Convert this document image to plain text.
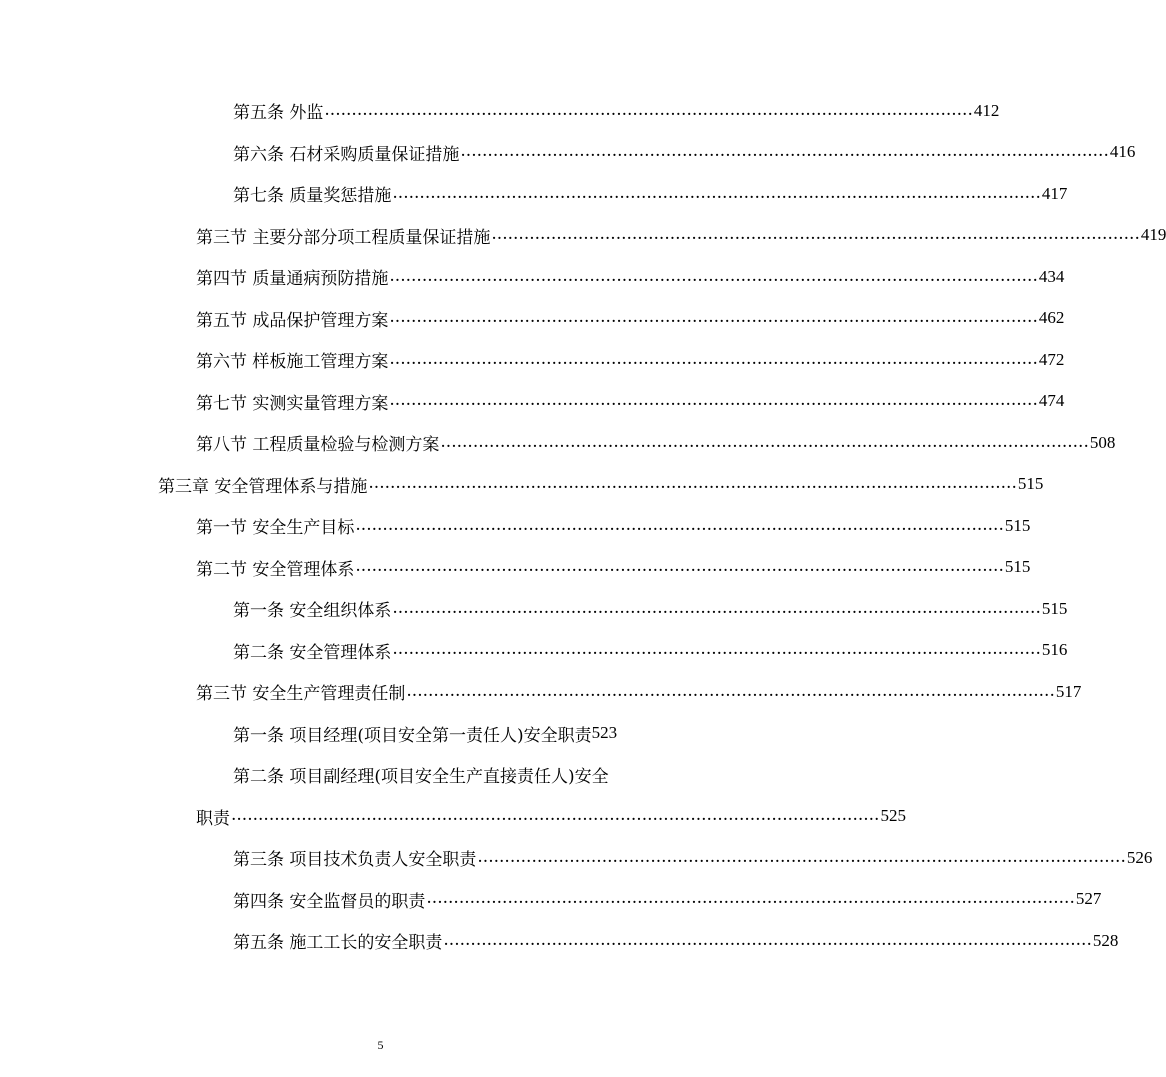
第五条 外监 ........................................................................................................................ 412
第六条 石材采购质量保证措施 ........................................................................................................................ 416
第七条 质量奖惩措施 ........................................................................................................................ 417
第三节 主要分部分项工程质量保证措施 ........................................................................................................................ 419
第四节 质量通病预防措施 ........................................................................................................................ 434
第五节 成品保护管理方案 ........................................................................................................................ 462
第六节 样板施工管理方案 ........................................................................................................................ 472
第七节 实测实量管理方案 ........................................................................................................................ 474
第八节 工程质量检验与检测方案 ........................................................................................................................ 508
第三章 安全管理体系与措施 ........................................................................................................................ 515
第一节 安全生产目标 ........................................................................................................................ 515
第二节 安全管理体系 ........................................................................................................................ 515
第一条 安全组织体系 ........................................................................................................................ 515
第二条 安全管理体系 ........................................................................................................................ 516
第三节 安全生产管理责任制 ........................................................................................................................ 517
第一条 项目经理(项目安全第一责任人)安全职责 523
第二条 项目副经理(项目安全生产直接责任人)安全
职责 ........................................................................................................................ 525
第三条 项目技术负责人安全职责 ........................................................................................................................ 526
第四条 安全监督员的职责 ........................................................................................................................ 527
第五条 施工工长的安全职责 ........................................................................................................................ 528
5
